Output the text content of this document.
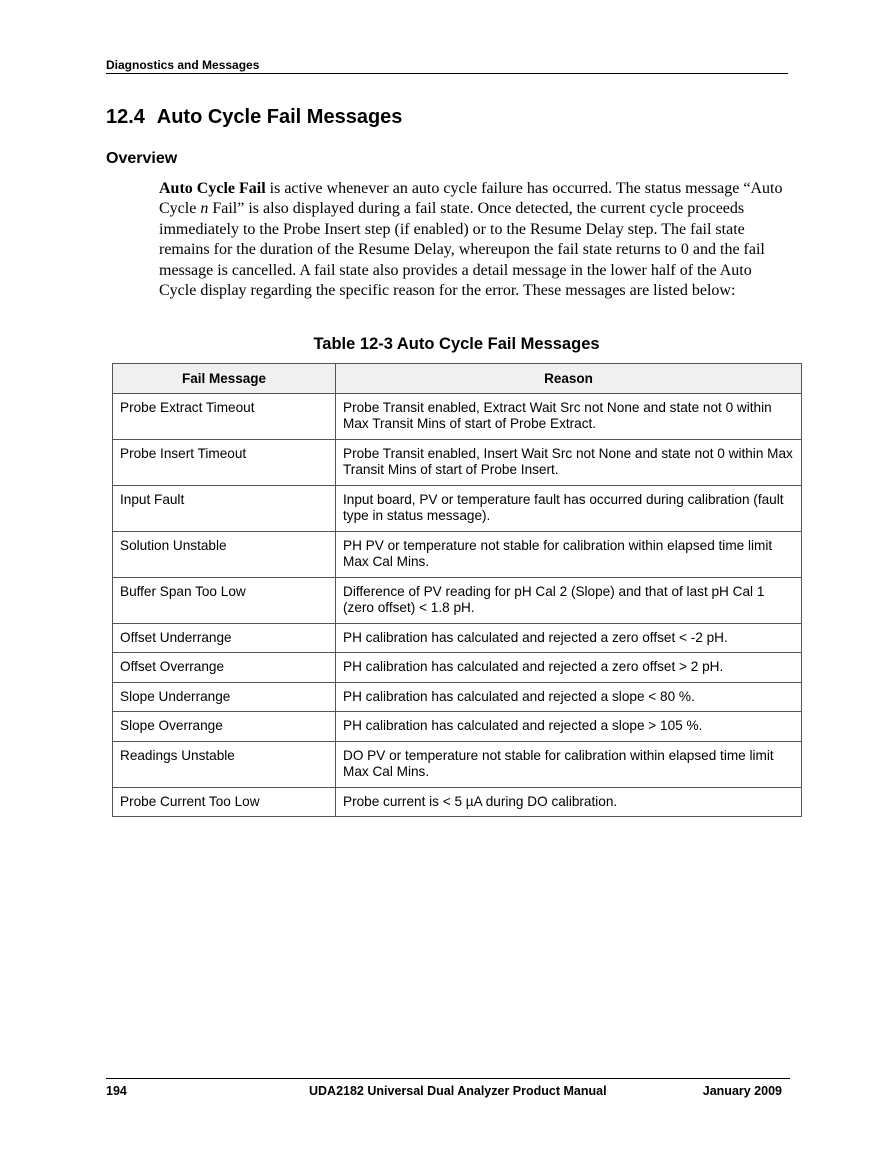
Diagnostics and Messages
12.4 Auto Cycle Fail Messages
Overview
Auto Cycle Fail is active whenever an auto cycle failure has occurred. The status message “Auto Cycle n Fail” is also displayed during a fail state. Once detected, the current cycle proceeds immediately to the Probe Insert step (if enabled) or to the Resume Delay step. The fail state remains for the duration of the Resume Delay, whereupon the fail state returns to 0 and the fail message is cancelled. A fail state also provides a detail message in the lower half of the Auto Cycle display regarding the specific reason for the error. These messages are listed below:
Table 12-3 Auto Cycle Fail Messages
Fail Message	Reason
Probe Extract Timeout	Probe Transit enabled, Extract Wait Src not None and state not 0 within Max Transit Mins of start of Probe Extract.
Probe Insert Timeout	Probe Transit enabled, Insert Wait Src not None and state not 0 within Max Transit Mins of start of Probe Insert.
Input Fault	Input board, PV or temperature fault has occurred during calibration (fault type in status message).
Solution Unstable	PH PV or temperature not stable for calibration within elapsed time limit Max Cal Mins.
Buffer Span Too Low	Difference of PV reading for pH Cal 2 (Slope) and that of last pH Cal 1 (zero offset) < 1.8 pH.
Offset Underrange	PH calibration has calculated and rejected a zero offset < -2 pH.
Offset Overrange	PH calibration has calculated and rejected a zero offset > 2 pH.
Slope Underrange	PH calibration has calculated and rejected a slope < 80 %.
Slope Overrange	PH calibration has calculated and rejected a slope > 105 %.
Readings Unstable	DO PV or temperature not stable for calibration within elapsed time limit Max Cal Mins.
Probe Current Too Low	Probe current is < 5 µA during DO calibration.
194	UDA2182 Universal Dual Analyzer Product Manual	January 2009
